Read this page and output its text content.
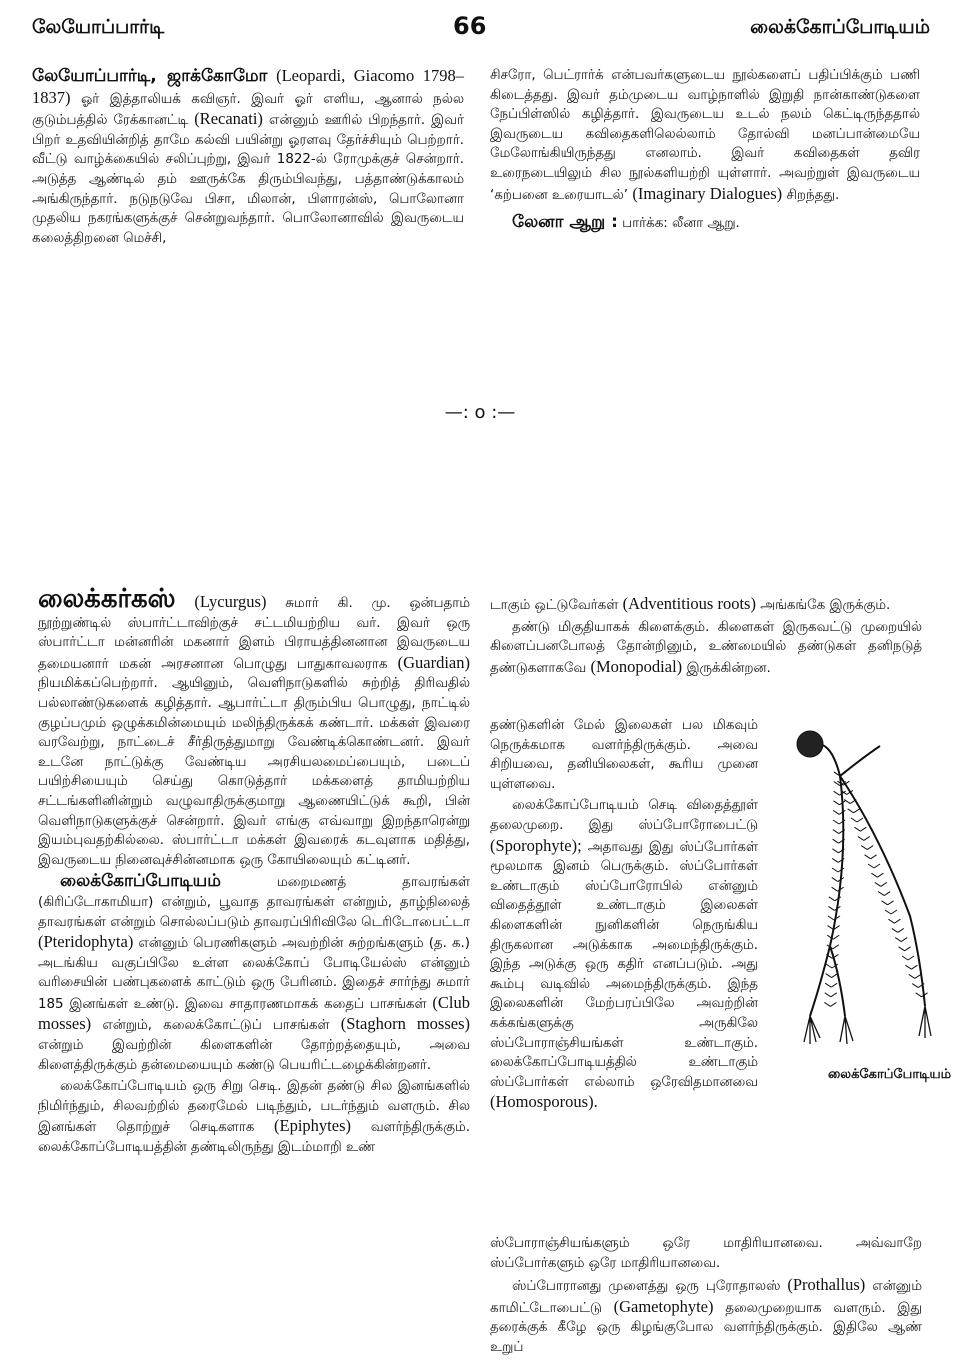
லேயோப்பார்டி	66	லைக்கோப்போடியம்

லேயோப்பார்டி, ஜாக்கோமோ (Leopardi, Giacomo 1798–1837) ஓர் இத்தாலியக் கவிஞர். இவர் ஓர் எளிய, ஆனால் நல்ல குடும்பத்தில் ரேக்கானட்டி (Recanati) என்னும் ஊரில் பிறந்தார். இவர் பிறர் உதவியின்றித் தாமே கல்வி பயின்று ஓரளவு தேர்ச்சியும் பெற்றார். வீட்டு வாழ்க்கையில் சலிப்புற்று, இவர் 1822-ல் ரோமுக்குச் சென்றார். அடுத்த ஆண்டில் தம் ஊருக்கே திரும்பிவந்து, பத்தாண்டுக்காலம் அங்கிருந்தார். நடுநடுவே பிசா, மிலான், பிளாரன்ஸ், பொலோனா முதலிய நகரங்களுக்குச் சென்றுவந்தார். பொலோனாவில் இவருடைய கலைத்திறனை மெச்சி,

சிசரோ, பெட்ரார்க் என்பவர்களுடைய நூல்களைப் பதிப்பிக்கும் பணி கிடைத்தது. இவர் தம்முடைய வாழ்நாளில் இறுதி நான்காண்டுகளை நேப்பிள்ஸில் கழித்தார். இவருடைய உடல் நலம் கெட்டிருந்ததால் இவருடைய கவிதைகளிலெல்லாம் தோல்வி மனப்பான்மையே மேலோங்கியிருந்தது எனலாம். இவர் கவிதைகள் தவிர உரைநடையிலும் சில நூல்களியற்றி யுள்ளார். அவற்றுள் இவருடைய ‘கற்பனை உரையாடல்’ (Imaginary Dialogues) சிறந்தது.

லேனா ஆறு : பார்க்க: லீனா ஆறு.

—: o :—

லைக்கர்கஸ் (Lycurgus) சுமார் கி. மு. ஒன்பதாம் நூற்றுண்டில் ஸ்பார்ட்டாவிற்குச் சட்டமியற்றிய வர். இவர் ஒரு ஸ்பார்ட்டா மன்னரின் மகனார் இளம் பிராயத்தினனான இவருடைய தமையனார் மகன் அரசனான பொழுது பாதுகாவலராக (Guardian) நியமிக்கப்பெற்றார். ஆயினும், வெளிநாடுகளில் சுற்றித் திரிவதில் பல்லாண்டுகளைக் கழித்தார். ஆபார்ட்டா திரும்பிய பொழுது, நாட்டில் குழப்பமும் ஒழுக்கமின்மையும் மலிந்திருக்கக் கண்டார். மக்கள் இவரை வரவேற்று, நாட்டைச் சீர்திருத்துமாறு வேண்டிக்கொண்டனர். இவர் உடனே நாட்டுக்கு வேண்டிய அரசியலமைப்பையும், படைப் பயிற்சியையும் செய்து கொடுத்தார் மக்களைத் தாமியற்றிய சட்டங்களினின்றும் வழுவாதிருக்குமாறு ஆணையிட்டுக் கூறி, பின் வெளிநாடுகளுக்குச் சென்றார். இவர் எங்கு எவ்வாறு இறந்தாரென்று இயம்புவதற்கில்லை. ஸ்பார்ட்டா மக்கள் இவரைக் கடவுளாக மதித்து, இவருடைய நினைவுச்சின்னமாக ஒரு கோயிலையும் கட்டினர்.

லைக்கோப்போடியம்	மறைமணத் தாவரங்கள் (கிரிப்டோகாமியா) என்றும், பூவாத தாவரங்கள் என்றும், தாழ்நிலைத் தாவரங்கள் என்றும் சொல்லப்படும் தாவரப்பிரிவிலே டெரிடோபைட்டா (Pteridophyta) என்னும் பெரணிகளும் அவற்றின் சுற்றங்களும் (த. க.) அடங்கிய வகுப்பிலே உள்ள லைக்கோப் போடியேல்ஸ் என்னும் வரிசையின் பண்புகளைக் காட்டும் ஒரு பேரினம். இதைச் சார்ந்து சுமார் 185 இனங்கள் உண்டு. இவை சாதாரணமாகக் கதைப் பாசங்கள் (Club mosses) என்றும், கலைக்கோட்டுப் பாசங்கள் (Staghorn mosses) என்றும் இவற்றின் கிளைகளின் தோற்றத்தையும், அவை கிளைத்திருக்கும் தன்மையையும் கண்டு பெயரிட்டழைக்கின்றனர்.

லைக்கோப்போடியம் ஒரு சிறு செடி. இதன் தண்டு சில இனங்களில் நிமிர்ந்தும், சிலவற்றில் தரைமேல் படிந்தும், படர்ந்தும் வளரும். சில இனங்கள் தொற்றுச் செடிகளாக (Epiphytes) வளர்ந்திருக்கும். லைக்கோப்போடியத்தின் தண்டிலிருந்து இடம்மாறி உண்

டாகும் ஒட்டுவேர்கள் (Adventitious roots) அங்கங்கே இருக்கும்.

தண்டு மிகுதியாகக் கிளைக்கும். கிளைகள் இருகவட்டு முறையில் கிளைப்பனபோலத் தோன்றினும், உண்மையில் தண்டுகள் தனிநடுத் தண்டுகளாகவே (Monopodial) இருக்கின்றன.

தண்டுகளின் மேல் இலைகள் பல மிகவும் நெருக்கமாக வளர்ந்திருக்கும். அவை சிறியவை, தனியிலைகள், கூரிய முனை யுள்ளவை.

லைக்கோப்போடியம் செடி விதைத்தூள் தலைமுறை. இது ஸ்ப்போரோபைட்டு (Sporophyte); அதாவது இது ஸ்ப்போர்கள் மூலமாக இனம் பெருக்கும். ஸ்ப்போர்கள் உண்டாகும் ஸ்ப்போரோபில் என்னும் விதைத்தூள் உண்டாகும் இலைகள் கிளைகளின் நுனிகளின் நெருங்கிய திருகலான அடுக்காக அமைந்திருக்கும். இந்த அடுக்கு ஒரு கதிர் எனப்படும். அது கூம்பு வடிவில் அமைந்திருக்கும். இந்த இலைகளின் மேற்பரப்பிலே அவற்றின் கக்கங்களுக்கு அருகிலே ஸ்ப்போராஞ்சியங்கள் உண்டாகும். லைக்கோப்போடியத்தில் உண்டாகும் ஸ்ப்போர்கள் எல்லாம் ஒரேவிதமானவை (Homosporous).

ஸ்போராஞ்சியங்களும் ஒரே மாதிரியானவை. அவ்வாறே ஸ்ப்போர்களும் ஒரே மாதிரியானவை.

ஸ்ப்போரானது முளைத்து ஒரு புரோதாலஸ் (Prothallus) என்னும் காமிட்டோபைட்டு (Gametophyte) தலைமுறையாக வளரும். இது தரைக்குக் கீழே ஒரு கிழங்குபோல வளர்ந்திருக்கும். இதிலே ஆண் உறுப்

லைக்கோப்போடியம்
